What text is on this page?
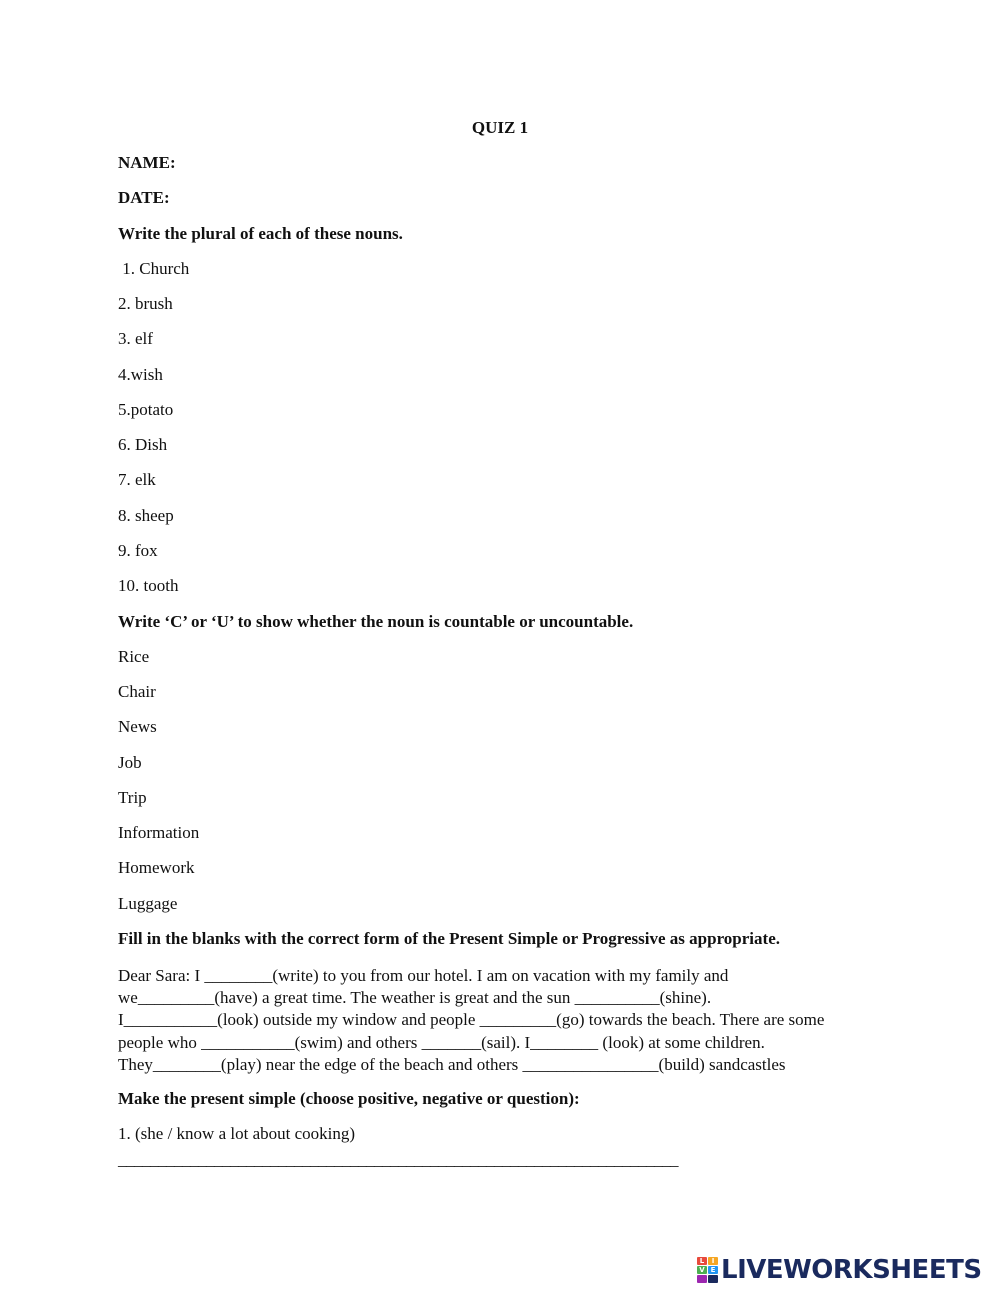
QUIZ 1
NAME:
DATE:
Write the plural of each of these nouns.
1. Church
2. brush
3. elf
4.wish
5.potato
6. Dish
7. elk
8. sheep
9. fox
10. tooth
Write ‘C’ or ‘U’ to show whether the noun is countable or uncountable.
Rice
Chair
News
Job
Trip
Information
Homework
Luggage
Fill in the blanks with the correct form of the Present Simple or Progressive as appropriate.
Dear Sara: I ________(write) to you from our hotel. I am on vacation with my family and
we_________(have) a great time. The weather is great and the sun __________(shine).
I___________(look) outside my window and people _________(go) towards the beach. There are some
people who ___________(swim) and others _______(sail). I________ (look) at some children.
They________(play) near the edge of the beach and others ________________(build) sandcastles
Make the present simple (choose positive, negative or question):
1. (she / know a lot about cooking)
______________________________________________________________________
L	I
V E LIVEWORKSHEETS
